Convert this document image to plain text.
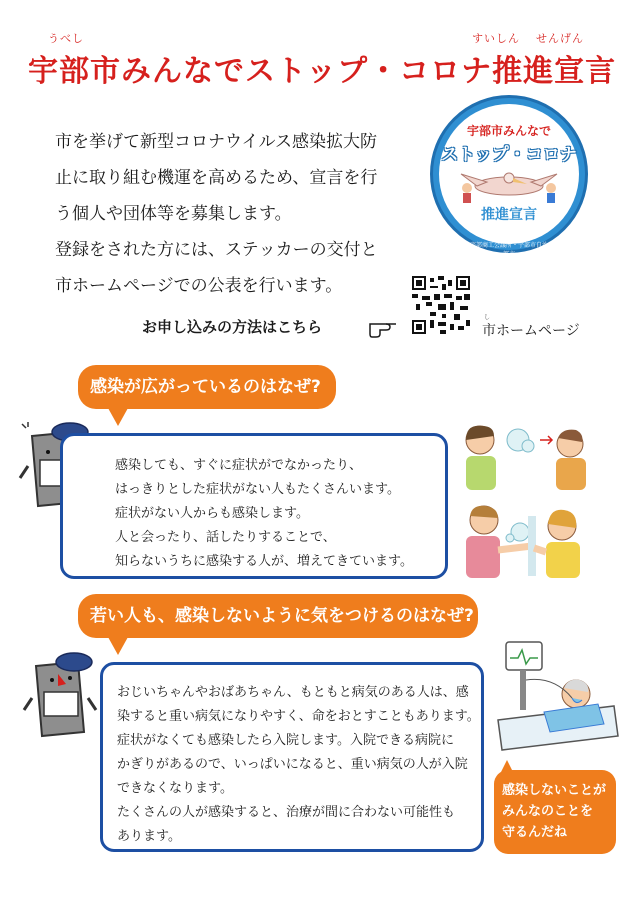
うべし	すいしん せんげん
宇部市みんなでストップ・コロナ推進宣言
市を挙げて新型コロナウイルス感染拡大防
止に取り組む機運を高めるため、宣言を行
う個人や団体等を募集します。
登録をされた方には、ステッカーの交付と
市ホームページでの公表を行います。
宇部市みんなで
ストップ・コロナ
推進宣言
宇部市議会・宇部商工会議所・宇部市自治会連合会・宇部市
お申し込みの方法はこちら
し
市ホームページ
感染が広がっているのはなぜ?
感染しても、すぐに症状がでなかったり、
はっきりとした症状がない人もたくさんいます。
症状がない人からも感染します。
人と会ったり、話したりすることで、
知らないうちに感染する人が、増えてきています。
若い人も、感染しないように気をつけるのはなぜ?
おじいちゃんやおばあちゃん、もともと病気のある人は、感
染すると重い病気になりやすく、命をおとすこともあります。
症状がなくても感染したら入院します。入院できる病院に
かぎりがあるので、いっぱいになると、重い病気の人が入院
できなくなります。
たくさんの人が感染すると、治療が間に合わない可能性も
あります。
感染しないことが
みんなのことを
守るんだね
